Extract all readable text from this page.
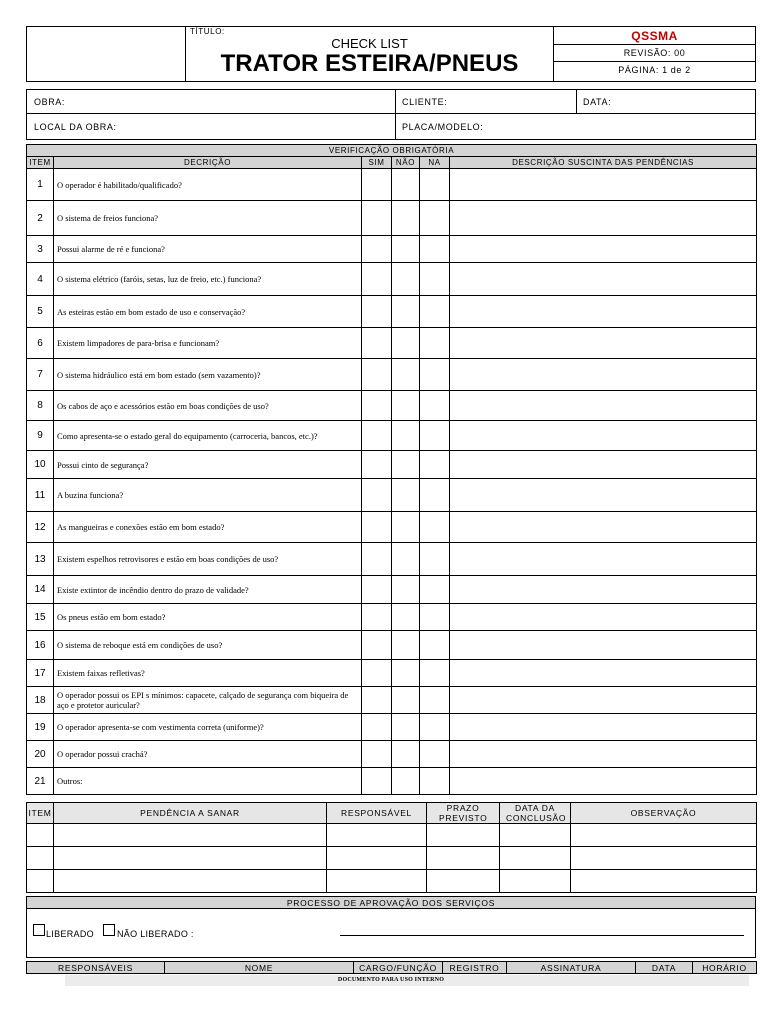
TÍTULO:
CHECK LIST
TRATOR ESTEIRA/PNEUS
QSSMA
REVISÃO: 00
PÁGINA: 1 de 2
OBRA:	CLIENTE:	DATA:
LOCAL DA OBRA:	PLACA/MODELO:
VERIFICAÇÃO OBRIGATÓRIA					
ITEM	DECRIÇÃO	SIM	NÃO	NA	DESCRIÇÃO SUSCINTA DAS PENDÊNCIAS
1	O operador é habilitado/qualificado?				
2	O sistema de freios funciona?				
3	Possui alarme de ré e funciona?				
4	O sistema elétrico (faróis, setas, luz de freio, etc.) funciona?				
5	As esteiras estão em bom estado de uso e conservação?				
6	Existem limpadores de para-brisa e funcionam?				
7	O sistema hidráulico está em bom estado (sem vazamento)?				
8	Os cabos de aço e acessórios estão em boas condições de uso?				
9	Como apresenta-se o estado geral do equipamento (carroceria, bancos, etc.)?				
10	Possui cinto de segurança?				
11	A buzina funciona?				
12	As mangueiras e conexões estão em bom estado?				
13	Existem espelhos retrovisores e estão em boas condições de uso?				
14	Existe extintor de incêndio dentro do prazo de validade?				
15	Os pneus estão em bom estado?				
16	O sistema de reboque está em condições de uso?				
17	Existem faixas refletivas?				
18	O operador possui os EPI s mínimos: capacete, calçado de segurança com biqueira de aço e protetor auricular?				
19	O operador apresenta-se com vestimenta correta (uniforme)?				
20	O operador possui crachá?				
21	Outros:				
ITEM	PENDÊNCIA A SANAR	RESPONSÁVEL	PRAZO PREVISTO	DATA DA CONCLUSÃO	OBSERVAÇÃO

PROCESSO DE APROVAÇÃO DOS SERVIÇOS
LIBERADO	NÃO LIBERADO :
RESPONSÁVEIS	NOME	CARGO/FUNÇÃO	REGISTRO	ASSINATURA	DATA	HORÁRIO
DOCUMENTO PARA USO INTERNO
